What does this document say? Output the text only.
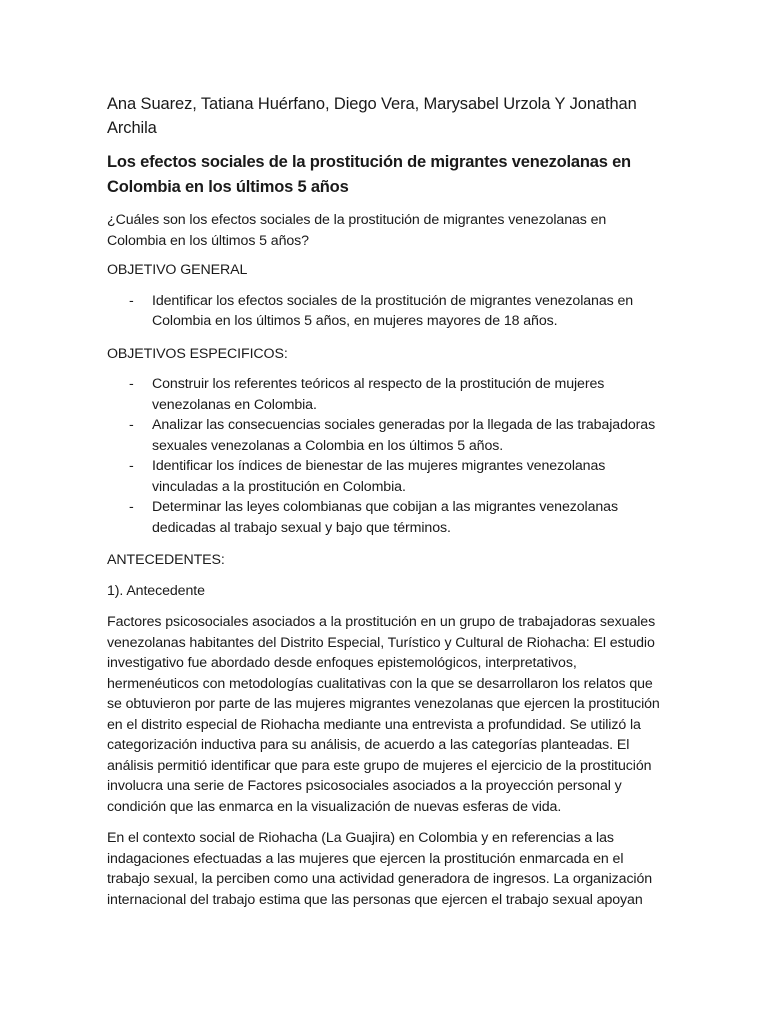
Ana Suarez, Tatiana Huérfano, Diego Vera, Marysabel Urzola Y Jonathan Archila
Los efectos sociales de la prostitución de migrantes venezolanas en Colombia en los últimos 5 años

¿Cuáles son los efectos sociales de la prostitución de migrantes venezolanas en Colombia en los últimos 5 años?

OBJETIVO GENERAL

- Identificar los efectos sociales de la prostitución de migrantes venezolanas en Colombia en los últimos 5 años, en mujeres mayores de 18 años.

OBJETIVOS ESPECIFICOS:

- Construir los referentes teóricos al respecto de la prostitución de mujeres venezolanas en Colombia.
- Analizar las consecuencias sociales generadas por la llegada de las trabajadoras sexuales venezolanas a Colombia en los últimos 5 años.
- Identificar los índices de bienestar de las mujeres migrantes venezolanas vinculadas a la prostitución en Colombia.
- Determinar las leyes colombianas que cobijan a las migrantes venezolanas dedicadas al trabajo sexual y bajo que términos.

ANTECEDENTES:

1). Antecedente

Factores psicosociales asociados a la prostitución en un grupo de trabajadoras sexuales venezolanas habitantes del Distrito Especial, Turístico y Cultural de Riohacha: El estudio investigativo fue abordado desde enfoques epistemológicos, interpretativos, hermenéuticos con metodologías cualitativas con la que se desarrollaron los relatos que se obtuvieron por parte de las mujeres migrantes venezolanas que ejercen la prostitución en el distrito especial de Riohacha mediante una entrevista a profundidad. Se utilizó la categorización inductiva para su análisis, de acuerdo a las categorías planteadas. El análisis permitió identificar que para este grupo de mujeres el ejercicio de la prostitución involucra una serie de Factores psicosociales asociados a la proyección personal y condición que las enmarca en la visualización de nuevas esferas de vida.

En el contexto social de Riohacha (La Guajira) en Colombia y en referencias a las indagaciones efectuadas a las mujeres que ejercen la prostitución enmarcada en el trabajo sexual, la perciben como una actividad generadora de ingresos. La organización internacional del trabajo estima que las personas que ejercen el trabajo sexual apoyan
